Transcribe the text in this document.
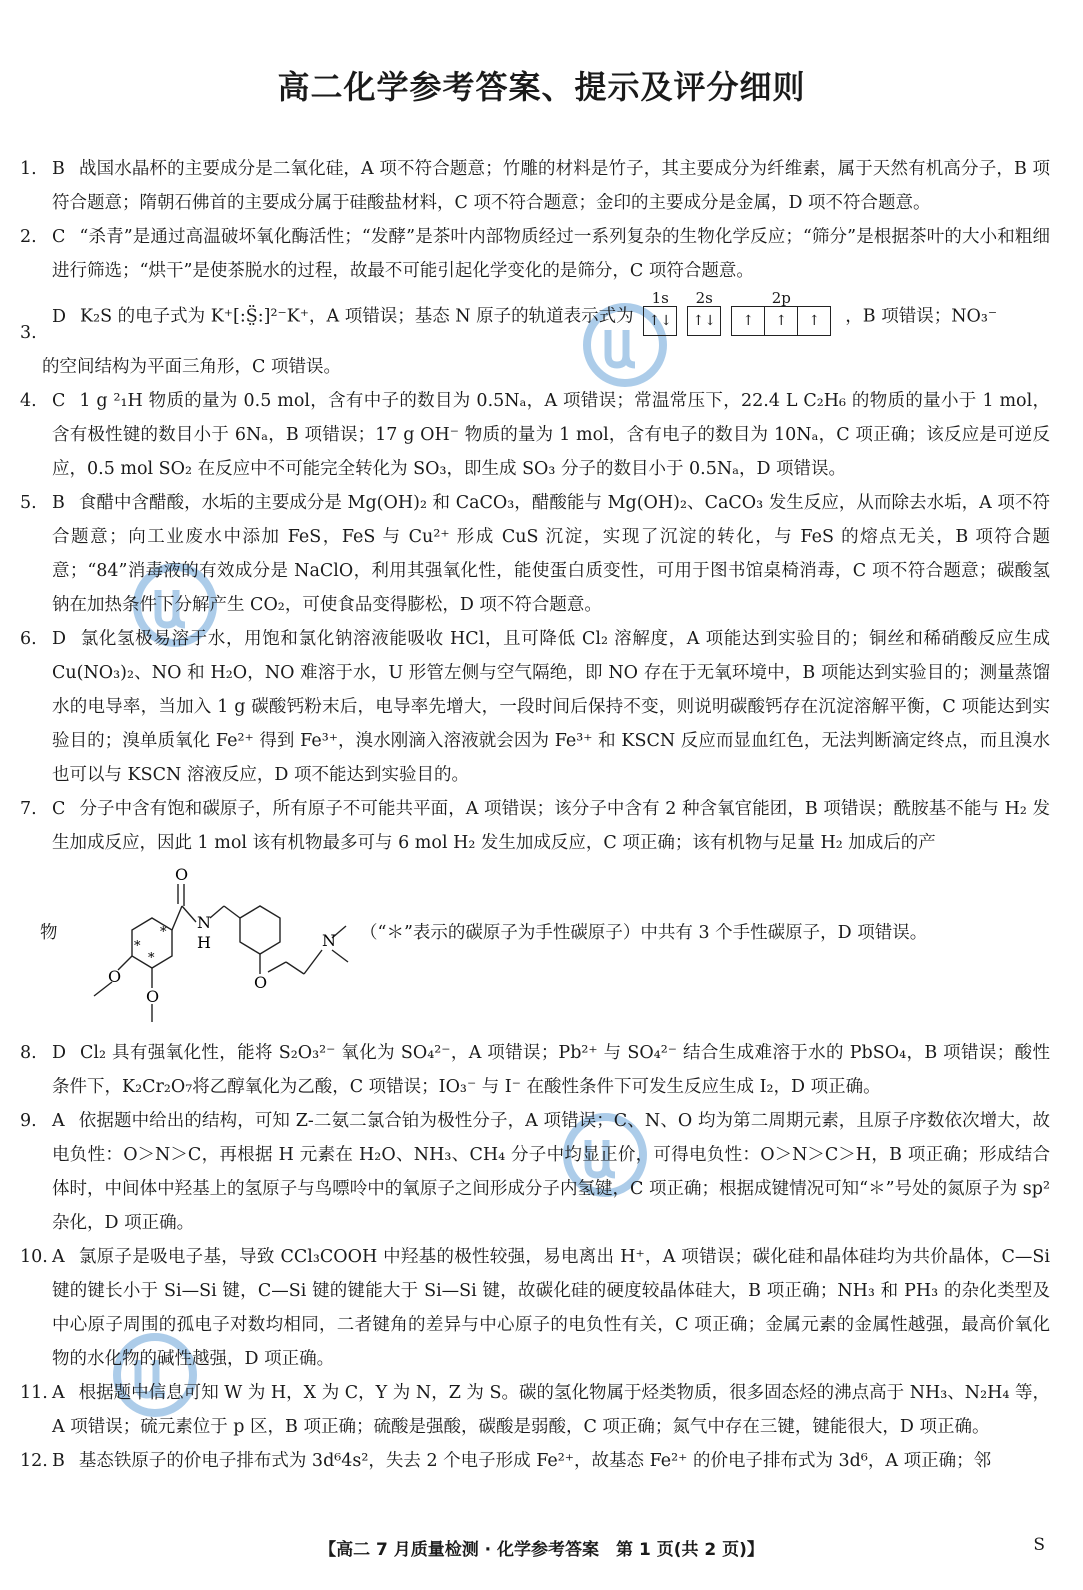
高二化学参考答案、提示及评分细则

1. B 战国水晶杯的主要成分是二氧化硅，A 项不符合题意；竹雕的材料是竹子，其主要成分为纤维素，属于天然有机高分子，B 项符合题意；隋朝石佛首的主要成分属于硅酸盐材料，C 项不符合题意；金印的主要成分是金属，D 项不符合题意。

2. C “杀青”是通过高温破坏氧化酶活性；“发酵”是茶叶内部物质经过一系列复杂的生物化学反应；“筛分”是根据茶叶的大小和粗细进行筛选；“烘干”是使茶脱水的过程，故最不可能引起化学变化的是筛分，C 项符合题意。

3.
D K₂S 的电子式为 K⁺[:S̤̈:]²⁻K⁺，A 项错误；基态 N 原子的轨道表示式为
1s
↑↓
2s
↑↓
2p
↑	↑	↑	，B 项错误；NO₃⁻

的空间结构为平面三角形，C 项错误。

4. C 1 g ²₁H 物质的量为 0.5 mol，含有中子的数目为 0.5Nₐ，A 项错误；常温常压下，22.4 L C₂H₆ 的物质的量小于 1 mol，含有极性键的数目小于 6Nₐ，B 项错误；17 g OH⁻ 物质的量为 1 mol，含有电子的数目为 10Nₐ，C 项正确；该反应是可逆反应，0.5 mol SO₂ 在反应中不可能完全转化为 SO₃，即生成 SO₃ 分子的数目小于 0.5Nₐ，D 项错误。

5. B 食醋中含醋酸，水垢的主要成分是 Mg(OH)₂ 和 CaCO₃，醋酸能与 Mg(OH)₂、CaCO₃ 发生反应，从而除去水垢，A 项不符合题意；向工业废水中添加 FeS，FeS 与 Cu²⁺ 形成 CuS 沉淀，实现了沉淀的转化，与 FeS 的熔点无关，B 项符合题意；“84”消毒液的有效成分是 NaClO，利用其强氧化性，能使蛋白质变性，可用于图书馆桌椅消毒，C 项不符合题意；碳酸氢钠在加热条件下分解产生 CO₂，可使食品变得膨松，D 项不符合题意。

6. D 氯化氢极易溶于水，用饱和氯化钠溶液能吸收 HCl，且可降低 Cl₂ 溶解度，A 项能达到实验目的；铜丝和稀硝酸反应生成 Cu(NO₃)₂、NO 和 H₂O，NO 难溶于水，U 形管左侧与空气隔绝，即 NO 存在于无氧环境中，B 项能达到实验目的；测量蒸馏水的电导率，当加入 1 g 碳酸钙粉末后，电导率先增大，一段时间后保持不变，则说明碳酸钙存在沉淀溶解平衡，C 项能达到实验目的；溴单质氧化 Fe²⁺ 得到 Fe³⁺，溴水刚滴入溶液就会因为 Fe³⁺ 和 KSCN 反应而显血红色，无法判断滴定终点，而且溴水也可以与 KSCN 溶液反应，D 项不能达到实验目的。

7. C 分子中含有饱和碳原子，所有原子不可能共平面，A 项错误；该分子中含有 2 种含氧官能团，B 项错误；酰胺基不能与 H₂ 发生加成反应，因此 1 mol 该有机物最多可与 6 mol H₂ 发生加成反应，C 项正确；该有机物与足量 H₂ 加成后的产

物
O
N
H
O
N
O
O
*
*
*	（“＊”表示的碳原子为手性碳原子）中共有 3 个手性碳原子，D 项错误。

8. D Cl₂ 具有强氧化性，能将 S₂O₃²⁻ 氧化为 SO₄²⁻，A 项错误；Pb²⁺ 与 SO₄²⁻ 结合生成难溶于水的 PbSO₄，B 项错误；酸性条件下，K₂Cr₂O₇将乙醇氧化为乙酸，C 项错误；IO₃⁻ 与 I⁻ 在酸性条件下可发生反应生成 I₂，D 项正确。

9. A 依据题中给出的结构，可知 Z-二氨二氯合铂为极性分子，A 项错误；C、N、O 均为第二周期元素，且原子序数依次增大，故电负性：O＞N＞C，再根据 H 元素在 H₂O、NH₃、CH₄ 分子中均显正价，可得电负性：O＞N＞C＞H，B 项正确；形成结合体时，中间体中羟基上的氢原子与鸟嘌呤中的氧原子之间形成分子内氢键，C 项正确；根据成键情况可知“＊”号处的氮原子为 sp² 杂化，D 项正确。

10. A 氯原子是吸电子基，导致 CCl₃COOH 中羟基的极性较强，易电离出 H⁺，A 项错误；碳化硅和晶体硅均为共价晶体，C—Si 键的键长小于 Si—Si 键，C—Si 键的键能大于 Si—Si 键，故碳化硅的硬度较晶体硅大，B 项正确；NH₃ 和 PH₃ 的杂化类型及中心原子周围的孤电子对数均相同，二者键角的差异与中心原子的电负性有关，C 项正确；金属元素的金属性越强，最高价氧化物的水化物的碱性越强，D 项正确。

11. A 根据题中信息可知 W 为 H，X 为 C，Y 为 N，Z 为 S。碳的氢化物属于烃类物质，很多固态烃的沸点高于 NH₃、N₂H₄ 等，A 项错误；硫元素位于 p 区，B 项正确；硫酸是强酸，碳酸是弱酸，C 项正确；氮气中存在三键，键能很大，D 项正确。

12. B 基态铁原子的价电子排布式为 3d⁶4s²，失去 2 个电子形成 Fe²⁺，故基态 Fe²⁺ 的价电子排布式为 3d⁶，A 项正确；邻

【高二 7 月质量检测 · 化学参考答案　第 1 页(共 2 页)】	S
